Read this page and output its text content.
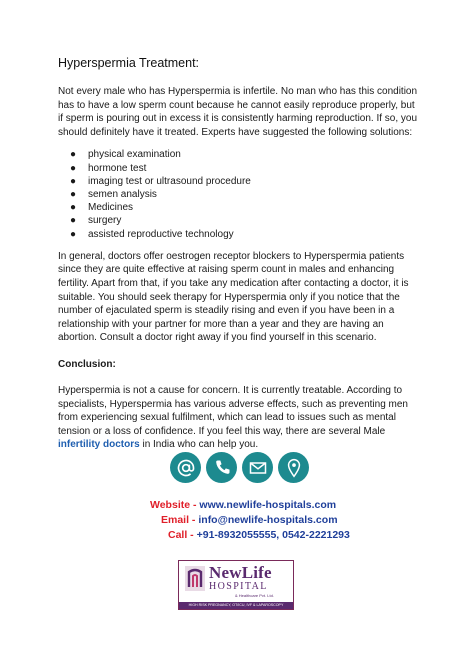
Hyperspermia Treatment:

Not every male who has Hyperspermia is infertile. No man who has this condition has to have a low sperm count because he cannot easily reproduce properly, but if sperm is pouring out in excess it is consistently harming reproduction. If so, you should definitely have it treated. Experts have suggested the following solutions:

● physical examination
● hormone test
● imaging test or ultrasound procedure
● semen analysis
● Medicines
● surgery
● assisted reproductive technology

In general, doctors offer oestrogen receptor blockers to Hyperspermia patients since they are quite effective at raising sperm count in males and enhancing fertility. Apart from that, if you take any medication after contacting a doctor, it is suitable. You should seek therapy for Hyperspermia only if you notice that the number of ejaculated sperm is steadily rising and even if you have been in a relationship with your partner for more than a year and they are having an abortion. Consult a doctor right away if you find yourself in this scenario.

Conclusion:

Hyperspermia is not a cause for concern. It is currently treatable. According to specialists, Hyperspermia has various adverse effects, such as preventing men from experiencing sexual fulfilment, which can lead to issues such as mental tension or a loss of confidence. If you feel this way, there are several Male infertility doctors in India who can help you.

Website - www.newlife-hospitals.com
Email - info@newlife-hospitals.com
Call - +91-8932055555, 0542-2221293
NewLife
HOSPITAL
& Healthcare Pvt. Ltd.
HIGH RISK PREGNANCY, OT/ICU, IVF & LAPAROSCOPY
